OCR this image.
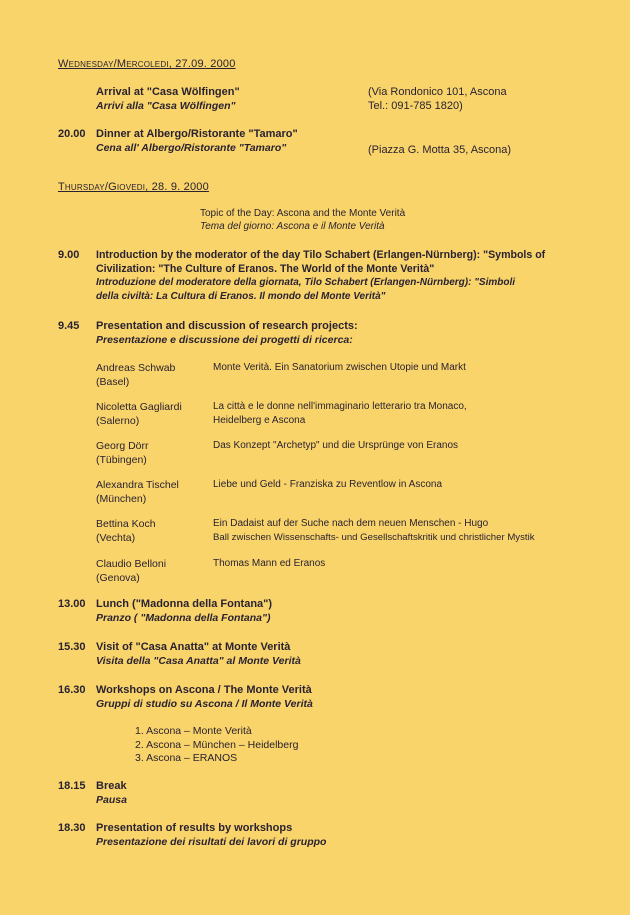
Wednesday/Mercoledi, 27.09. 2000
Arrival at "Casa Wölfingen"
Arrivi alla "Casa Wölfingen"
(Via Rondonico 101, Ascona
Tel.: 091-785 1820)
20.00 Dinner at Albergo/Ristorante "Tamaro"
Cena all' Albergo/Ristorante "Tamaro"	(Piazza G. Motta 35, Ascona)
Thursday/Giovedi, 28. 9. 2000
Topic of the Day: Ascona and the Monte Verità
Tema del giorno: Ascona e il Monte Verità
9.00 Introduction by the moderator of the day Tilo Schabert (Erlangen-Nürnberg): "Symbols of
Civilization: "The Culture of Eranos. The World of the Monte Verità"
Introduzione del moderatore della giornata, Tilo Schabert (Erlangen-Nürnberg): "Simboli
della civiltà: La Cultura di Eranos. Il mondo del Monte Verità"
9.45 Presentation and discussion of research projects:
Presentazione e discussione dei progetti di ricerca:
Andreas Schwab
(Basel)
Monte Verità. Ein Sanatorium zwischen Utopie und Markt
Nicoletta Gagliardi
(Salerno)
La città e le donne nell'immaginario letterario tra Monaco,
Heidelberg e Ascona
Georg Dörr
(Tübingen)
Das Konzept "Archetyp" und die Ursprünge von Eranos
Alexandra Tischel
(München)
Liebe und Geld - Franziska zu Reventlow in Ascona
Bettina Koch
(Vechta)
Ein Dadaist auf der Suche nach dem neuen Menschen - Hugo
Ball zwischen Wissenschafts- und Gesellschaftskritik und christlicher Mystik
Claudio Belloni
(Genova)
Thomas Mann ed Eranos
13.00 Lunch ("Madonna della Fontana")
Pranzo ( "Madonna della Fontana")
15.30 Visit of "Casa Anatta" at Monte Verità
Visita della "Casa Anatta" al Monte Verità
16.30 Workshops on Ascona / The Monte Verità
Gruppi di studio su Ascona / Il Monte Verità
1. Ascona – Monte Verità
2. Ascona – München – Heidelberg
3. Ascona – ERANOS
18.15 Break
Pausa
18.30 Presentation of results by workshops
Presentazione dei risultati dei lavori di gruppo
